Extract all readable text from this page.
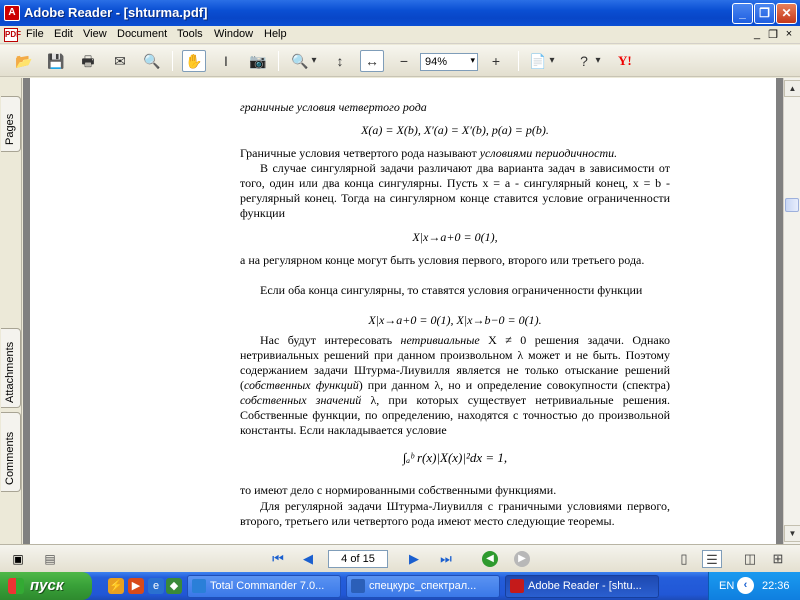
A Adobe Reader - [shturma.pdf]	_	❐ ✕
PDF File Edit View Document Tools Window Help	_ ❐ ×
📂 💾	🖶	✉	🔍 ✋	I	📷 🔍 ▾	↕	↔	−	94%	▾	+	📄 ▾	? ▾ Y!
Pages
Attachments
Comments

граничные условия четвертого рода

X(a) = X(b), X′(a) = X′(b), p(a) = p(b).

Граничные условия четвертого рода называют условиями периодичности.

В случае сингулярной задачи различают два варианта задач в зависимости от того, один или два конца сингулярны. Пусть x = a - сингулярный конец, x = b - регулярный конец. Тогда на сингулярном конце ставится условие ограниченности функции

X|x→a+0 = 0(1),

а на регулярном конце могут быть условия первого, второго или третьего рода.

Если оба конца сингулярны, то ставятся условия ограниченности функции

X|x→a+0 = 0(1), X|x→b−0 = 0(1).

Нас будут интересовать нетривиальные X ≠ 0 решения задачи. Однако нетривиальных решений при данном произвольном λ может и не быть. Поэтому содержанием задачи Штурма-Лиувилля является не только отыскание решений (собственных функций) при данном λ, но и определение совокупности (спектра) собственных значений λ, при которых существует нетривиальные решения. Собственные функции, по определению, находятся с точностью до произвольной константы. Если накладывается условие

∫ₐᵇ r(x)|X(x)|²dx = 1,

то имеют дело с нормированными собственными функциями.

Для регулярной задачи Штурма-Лиувилля с граничными условиями первого, второго, третьего или четвертого рода имеют место следующие теоремы.

▲
▼
▣	▤	⏮	◀	4 of 15	▶	⏭	◀	▶	▯	☰	◫	⊞
пуск	⚡ ▶	e ◆	Total Commander 7.0...	спецкурс_спектрал...	Adobe Reader - [shtu...	EN ‹	22:36
